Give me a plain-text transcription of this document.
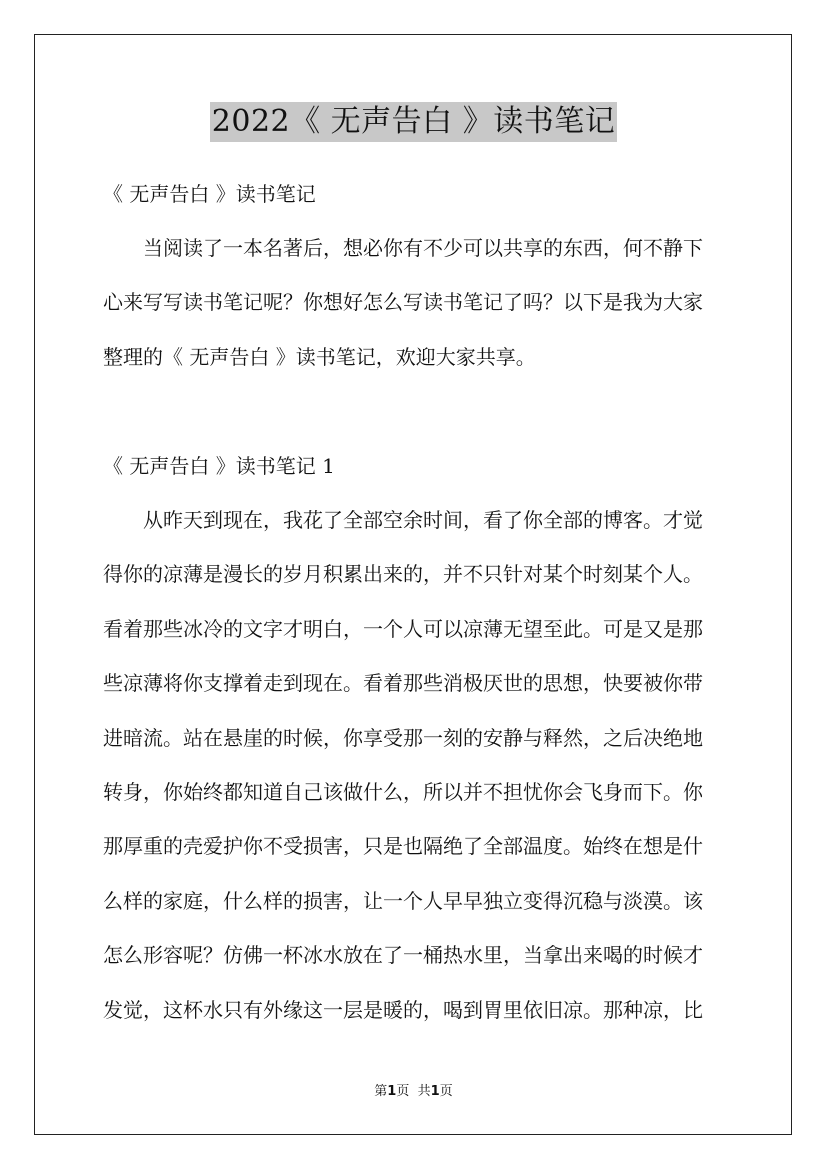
2022《 无声告白 》读书笔记

《 无声告白 》读书笔记

当阅读了一本名著后，想必你有不少可以共享的东西，何不静下
心来写写读书笔记呢？你想好怎么写读书笔记了吗？以下是我为大家
整理的《 无声告白 》读书笔记，欢迎大家共享。

《 无声告白 》读书笔记 1

从昨天到现在，我花了全部空余时间，看了你全部的博客。才觉
得你的凉薄是漫长的岁月积累出来的，并不只针对某个时刻某个人。
看着那些冰冷的文字才明白，一个人可以凉薄无望至此。可是又是那
些凉薄将你支撑着走到现在。看着那些消极厌世的思想，快要被你带
进暗流。站在悬崖的时候，你享受那一刻的安静与释然，之后决绝地
转身，你始终都知道自己该做什么，所以并不担忧你会飞身而下。你
那厚重的壳爱护你不受损害，只是也隔绝了全部温度。始终在想是什
么样的家庭，什么样的损害，让一个人早早独立变得沉稳与淡漠。该
怎么形容呢？仿佛一杯冰水放在了一桶热水里，当拿出来喝的时候才
发觉，这杯水只有外缘这一层是暖的，喝到胃里依旧凉。那种凉，比
第1页 共1页
